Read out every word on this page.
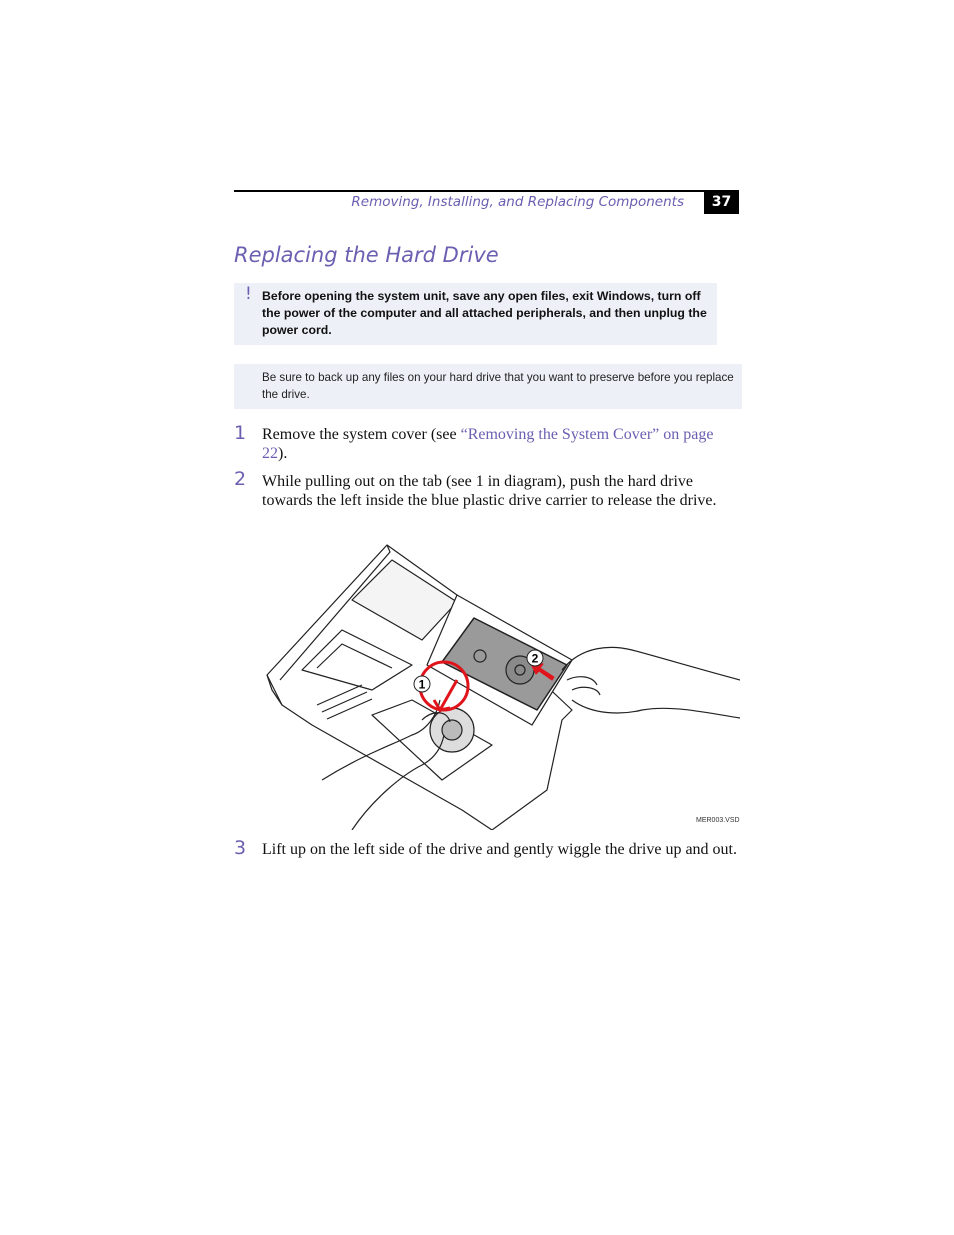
Removing, Installing, and Replacing Components	37
Replacing the Hard Drive
! Before opening the system unit, save any open files, exit Windows, turn off the power of the computer and all attached peripherals, and then unplug the power cord.
Be sure to back up any files on your hard drive that you want to preserve before you replace the drive.
1 Remove the system cover (see “Removing the System Cover” on page 22).
2 While pulling out on the tab (see 1 in diagram), push the hard drive towards the left inside the blue plastic drive carrier to release the drive.
1
2
MER003.VSD
3 Lift up on the left side of the drive and gently wiggle the drive up and out.
